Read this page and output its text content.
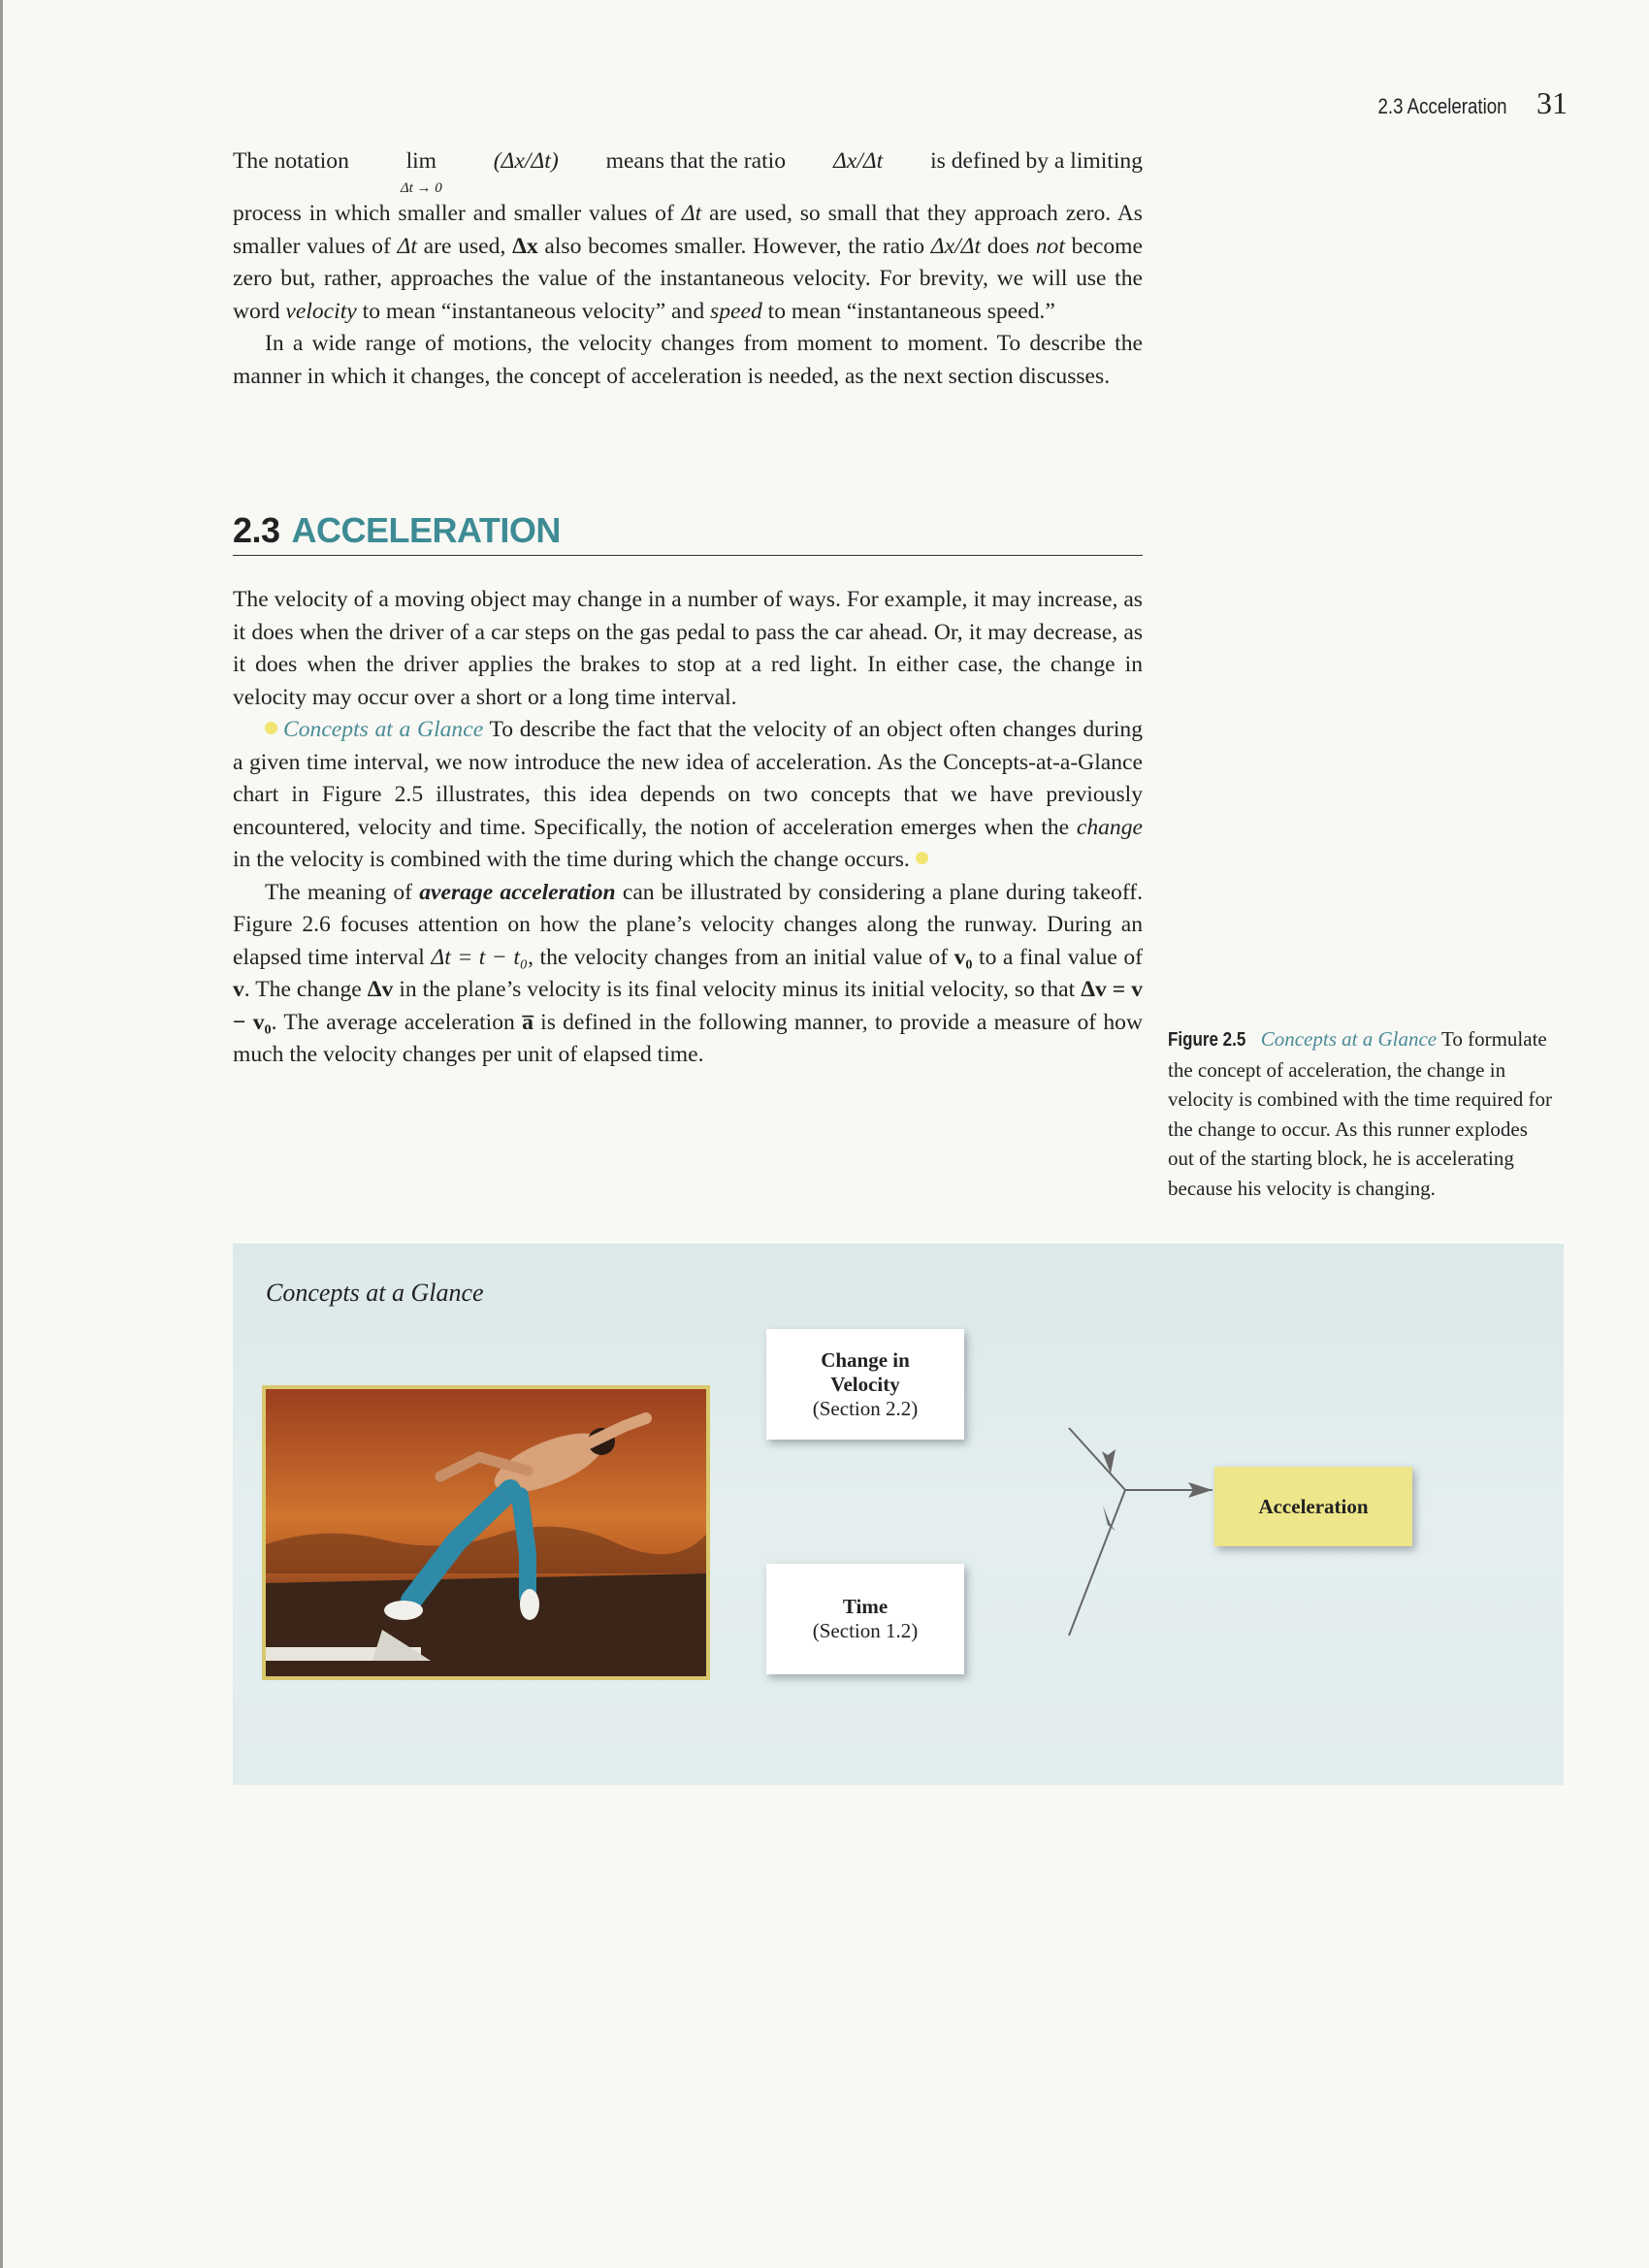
2.3 Acceleration 31
The notation lim
Δt → 0
(Δx/Δt) means that the ratio Δx/Δt is defined by a limiting

process in which smaller and smaller values of Δt are used, so small that they approach zero. As smaller values of Δt are used, Δx also becomes smaller. However, the ratio Δx/Δt does not become zero but, rather, approaches the value of the instantaneous velocity. For brevity, we will use the word velocity to mean “instantaneous velocity” and speed to mean “instantaneous speed.”

In a wide range of motions, the velocity changes from moment to moment. To describe the manner in which it changes, the concept of acceleration is needed, as the next section discusses.

2.3 ACCELERATION

The velocity of a moving object may change in a number of ways. For example, it may increase, as it does when the driver of a car steps on the gas pedal to pass the car ahead. Or, it may decrease, as it does when the driver applies the brakes to stop at a red light. In either case, the change in velocity may occur over a short or a long time interval.

Concepts at a Glance To describe the fact that the velocity of an object often changes during a given time interval, we now introduce the new idea of acceleration. As the Concepts-at-a-Glance chart in Figure 2.5 illustrates, this idea depends on two concepts that we have previously encountered, velocity and time. Specifically, the notion of acceleration emerges when the change in the velocity is combined with the time during which the change occurs.

The meaning of average acceleration can be illustrated by considering a plane during takeoff. Figure 2.6 focuses attention on how the plane’s velocity changes along the runway. During an elapsed time interval Δt = t − t₀, the velocity changes from an initial value of v₀ to a final value of v. The change Δv in the plane’s velocity is its final velocity minus its initial velocity, so that Δv = v − v₀. The average acceleration a̅ is defined in the following manner, to provide a measure of how much the velocity changes per unit of elapsed time.

Figure 2.5 Concepts at a Glance To formulate the concept of acceleration, the change in velocity is combined with the time required for the change to occur. As this runner explodes out of the starting block, he is accelerating because his velocity is changing.
Concepts at a Glance
Change in
Velocity
(Section 2.2)
Time
(Section 1.2)
Acceleration
